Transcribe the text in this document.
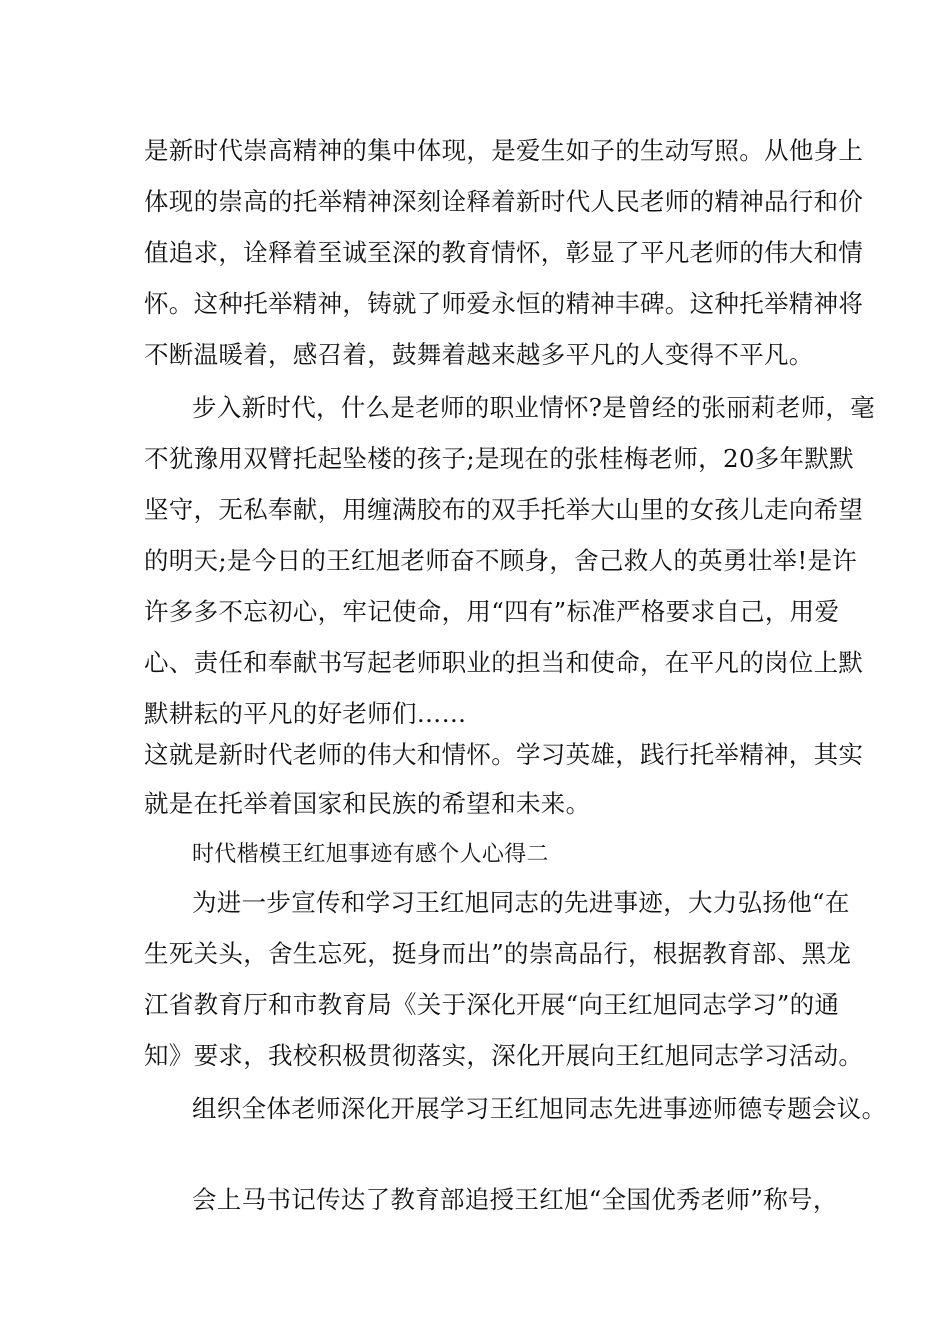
是新时代崇高精神的集中体现，是爱生如子的生动写照。从他身上
体现的崇高的托举精神深刻诠释着新时代人民老师的精神品行和价
值追求，诠释着至诚至深的教育情怀，彰显了平凡老师的伟大和情
怀。这种托举精神，铸就了师爱永恒的精神丰碑。这种托举精神将
不断温暖着，感召着，鼓舞着越来越多平凡的人变得不平凡。
步入新时代，什么是老师的职业情怀?是曾经的张丽莉老师，毫
不犹豫用双臂托起坠楼的孩子;是现在的张桂梅老师，20多年默默
坚守，无私奉献，用缠满胶布的双手托举大山里的女孩儿走向希望
的明天;是今日的王红旭老师奋不顾身，舍己救人的英勇壮举!是许
许多多不忘初心，牢记使命，用“四有”标准严格要求自己，用爱
心、责任和奉献书写起老师职业的担当和使命，在平凡的岗位上默
默耕耘的平凡的好老师们……
这就是新时代老师的伟大和情怀。学习英雄，践行托举精神，其实
就是在托举着国家和民族的希望和未来。
时代楷模王红旭事迹有感个人心得二
为进一步宣传和学习王红旭同志的先进事迹，大力弘扬他“在
生死关头，舍生忘死，挺身而出”的崇高品行，根据教育部、黑龙
江省教育厅和市教育局《关于深化开展“向王红旭同志学习”的通
知》要求，我校积极贯彻落实，深化开展向王红旭同志学习活动。
组织全体老师深化开展学习王红旭同志先进事迹师德专题会议。
会上马书记传达了教育部追授王红旭“全国优秀老师”称号，
